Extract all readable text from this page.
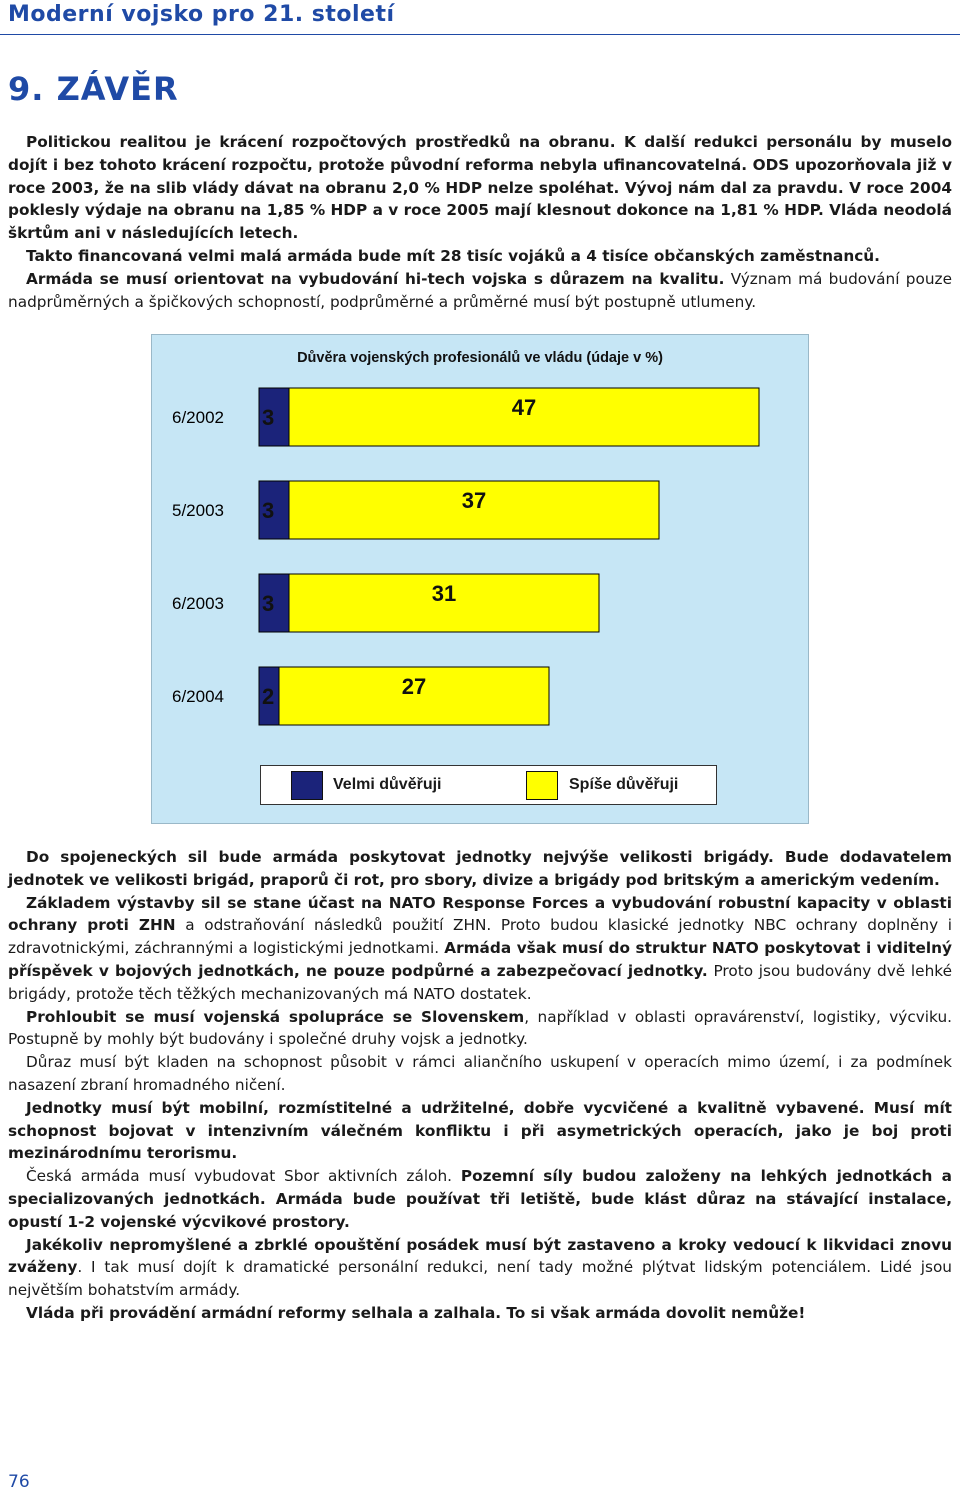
Moderní vojsko pro 21. století
9. ZÁVĚR

Politickou realitou je krácení rozpočtových prostředků na obranu. K další redukci personálu by muselo dojít i bez tohoto krácení rozpočtu, protože původní reforma nebyla ufinancovatelná. ODS upozorňovala již v roce 2003, že na slib vlády dávat na obranu 2,0 % HDP nelze spoléhat. Vývoj nám dal za pravdu. V roce 2004 poklesly výdaje na obranu na 1,85 % HDP a v roce 2005 mají klesnout dokonce na 1,81 % HDP. Vláda neodolá škrtům ani v následujících letech.

Takto financovaná velmi malá armáda bude mít 28 tisíc vojáků a 4 tisíce občanských zaměstnanců.

Armáda se musí orientovat na vybudování hi-tech vojska s důrazem na kvalitu. Význam má budování pouze nadprůměrných a špičkových schopností, podprůměrné a průměrné musí být postupně utlumeny.

Důvěra vojenských profesionálů ve vládu (údaje v %)
6/2002 3	47
5/2003 3	37
6/2003 3	31
6/2004 2	27
Velmi důvěřuji	Spíše důvěřuji

Do spojeneckých sil bude armáda poskytovat jednotky nejvýše velikosti brigády. Bude dodavatelem jednotek ve velikosti brigád, praporů či rot, pro sbory, divize a brigády pod britským a americkým vedením.

Základem výstavby sil se stane účast na NATO Response Forces a vybudování robustní kapacity v oblasti ochrany proti ZHN a odstraňování následků použití ZHN. Proto budou klasické jednotky NBC ochrany doplněny i zdravotnickými, záchrannými a logistickými jednotkami. Armáda však musí do struktur NATO poskytovat i viditelný příspěvek v bojových jednotkách, ne pouze podpůrné a zabezpečovací jednotky. Proto jsou budovány dvě lehké brigády, protože těch těžkých mechanizovaných má NATO dostatek.

Prohloubit se musí vojenská spolupráce se Slovenskem, například v oblasti opravárenství, logistiky, výcviku. Postupně by mohly být budovány i společné druhy vojsk a jednotky.

Důraz musí být kladen na schopnost působit v rámci aliančního uskupení v operacích mimo území, i za podmínek nasazení zbraní hromadného ničení.

Jednotky musí být mobilní, rozmístitelné a udržitelné, dobře vycvičené a kvalitně vybavené. Musí mít schopnost bojovat v intenzivním válečném konfliktu i při asymetrických operacích, jako je boj proti mezinárodnímu terorismu.

Česká armáda musí vybudovat Sbor aktivních záloh. Pozemní síly budou založeny na lehkých jednotkách a specializovaných jednotkách. Armáda bude používat tři letiště, bude klást důraz na stávající instalace, opustí 1-2 vojenské výcvikové prostory.

Jakékoliv nepromyšlené a zbrklé opouštění posádek musí být zastaveno a kroky vedoucí k likvidaci znovu zváženy. I tak musí dojít k dramatické personální redukci, není tady možné plýtvat lidským potenciálem. Lidé jsou největším bohatstvím armády.

Vláda při provádění armádní reformy selhala a zalhala. To si však armáda dovolit nemůže!

76
